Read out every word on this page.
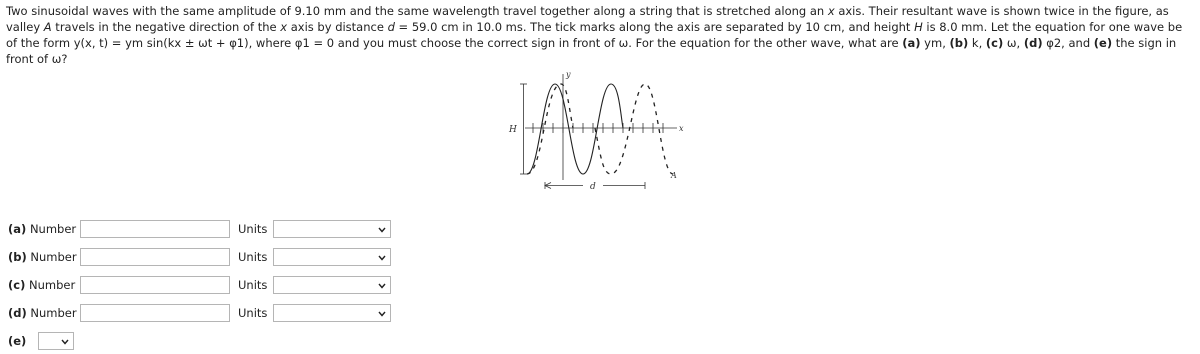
Two sinusoidal waves with the same amplitude of 9.10 mm and the same wavelength travel together along a string that is stretched along an x axis. Their resultant wave is shown twice in the figure, as valley A travels in the negative direction of the x axis by distance d = 59.0 cm in 10.0 ms. The tick marks along the axis are separated by 10 cm, and height H is 8.0 mm. Let the equation for one wave be of the form y(x, t) = ym sin(kx ± ωt + φ1), where φ1 = 0 and you must choose the correct sign in front of ω. For the equation for the other wave, what are (a) ym, (b) k, (c) ω, (d) φ2, and (e) the sign in front of ω?

y
x
H
d
A
(a) Number	Units
(b) Number	Units
(c) Number	Units
(d) Number	Units
(e)
